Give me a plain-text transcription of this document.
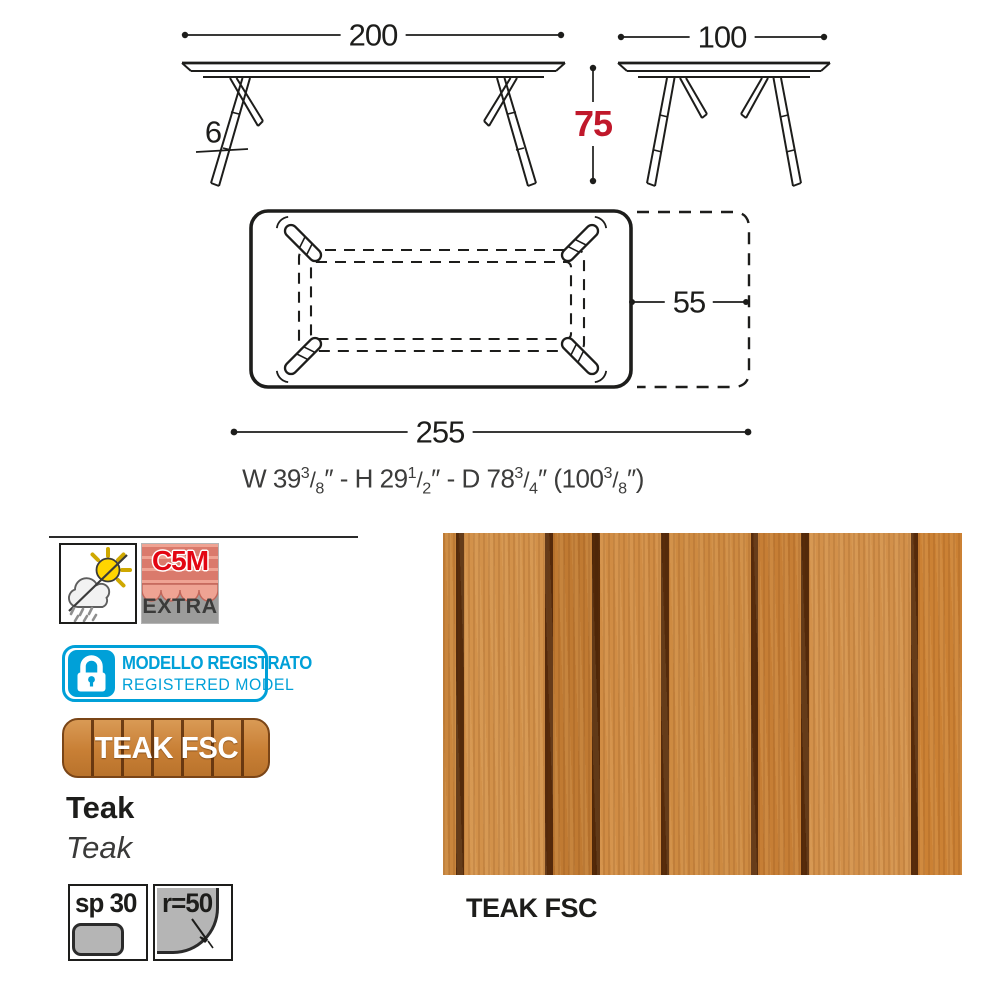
200	100
75
6
55
255
W $39^3/_8''$ - H $29^1/_2''$ - D $78^3/_4''$ $(100^3/_8'')$
C5M
EXTRA
MODELLO REGISTRATO
REGISTERED MODEL
TEAK FSC
Teak
Teak
sp 30 r=50	TEAK FSC
